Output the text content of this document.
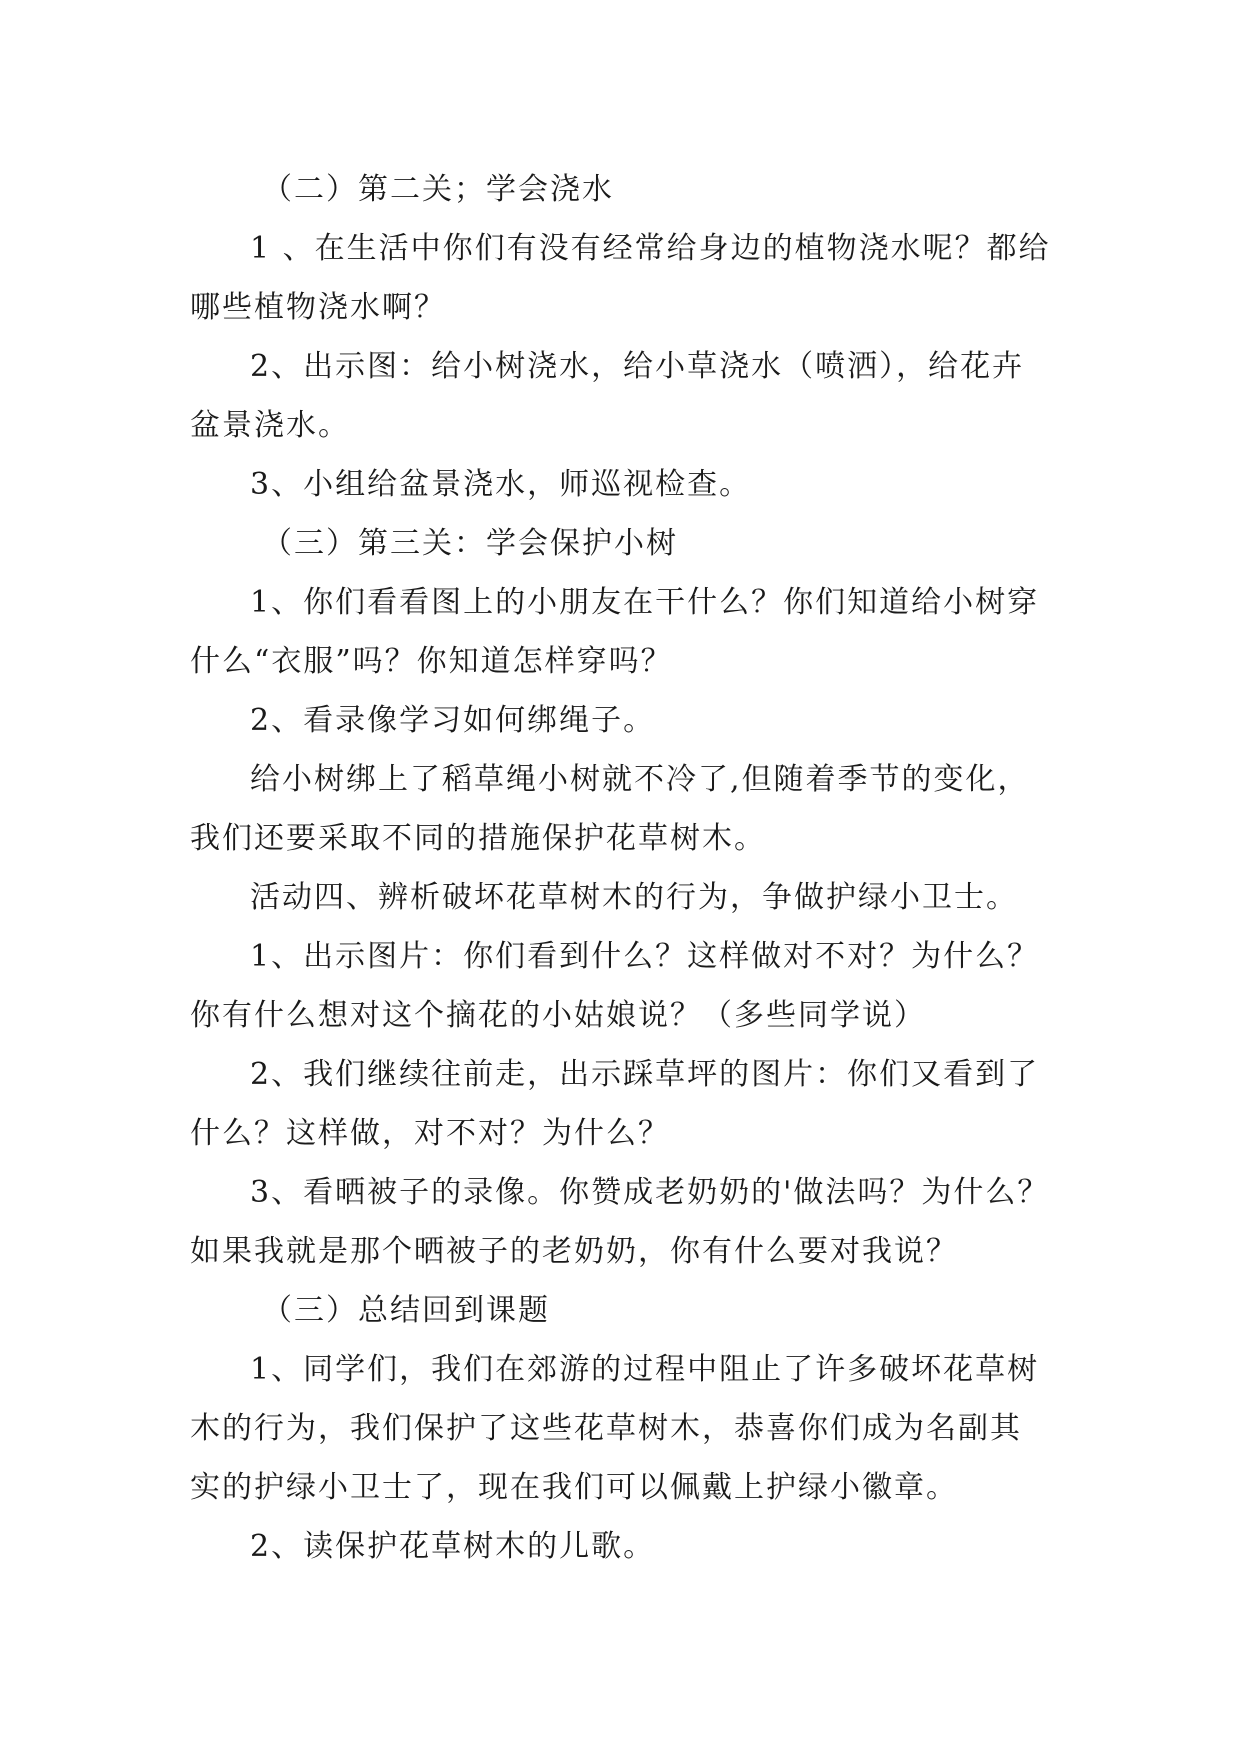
（二）第二关；学会浇水

1 、在生活中你们有没有经常给身边的植物浇水呢？都给哪些植物浇水啊？

2、出示图：给小树浇水，给小草浇水（喷洒），给花卉盆景浇水。

3、小组给盆景浇水，师巡视检查。

（三）第三关：学会保护小树

1、你们看看图上的小朋友在干什么？你们知道给小树穿什么“衣服”吗？你知道怎样穿吗？

2、看录像学习如何绑绳子。

给小树绑上了稻草绳小树就不冷了,但随着季节的变化，我们还要采取不同的措施保护花草树木。

活动四、辨析破坏花草树木的行为，争做护绿小卫士。

1、出示图片：你们看到什么？这样做对不对？为什么？你有什么想对这个摘花的小姑娘说？（多些同学说）

2、我们继续往前走，出示踩草坪的图片：你们又看到了什么？这样做，对不对？为什么？

3、看晒被子的录像。你赞成老奶奶的'做法吗？为什么？如果我就是那个晒被子的老奶奶，你有什么要对我说？

（三）总结回到课题

1、同学们，我们在郊游的过程中阻止了许多破坏花草树木的行为，我们保护了这些花草树木，恭喜你们成为名副其实的护绿小卫士了，现在我们可以佩戴上护绿小徽章。

2、读保护花草树木的儿歌。
